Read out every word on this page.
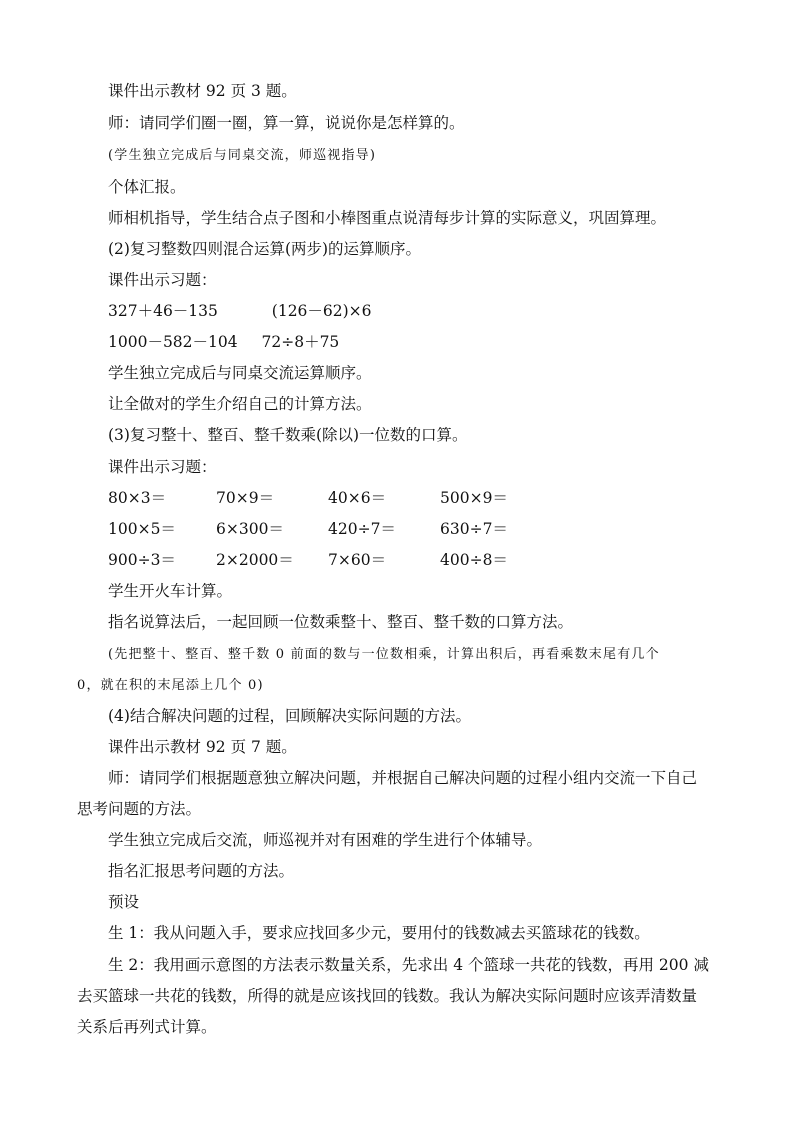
课件出示教材 92 页 3 题。
师：请同学们圈一圈，算一算，说说你是怎样算的。
(学生独立完成后与同桌交流，师巡视指导)
个体汇报。
师相机指导，学生结合点子图和小棒图重点说清每步计算的实际意义，巩固算理。
(2)复习整数四则混合运算(两步)的运算顺序。
课件出示习题：
327＋46－135	(126－62)×6
1000－582－104 72÷8＋75
学生独立完成后与同桌交流运算顺序。
让全做对的学生介绍自己的计算方法。
(3)复习整十、整百、整千数乘(除以)一位数的口算。
课件出示习题：
80×3＝	70×9＝	40×6＝	500×9＝
100×5＝	6×300＝	420÷7＝	630÷7＝
900÷3＝	2×2000＝ 7×60＝	400÷8＝
学生开火车计算。
指名说算法后，一起回顾一位数乘整十、整百、整千数的口算方法。
(先把整十、整百、整千数 0 前面的数与一位数相乘，计算出积后，再看乘数末尾有几个
0，就在积的末尾添上几个 0)
(4)结合解决问题的过程，回顾解决实际问题的方法。
课件出示教材 92 页 7 题。
师：请同学们根据题意独立解决问题，并根据自己解决问题的过程小组内交流一下自己
思考问题的方法。
学生独立完成后交流，师巡视并对有困难的学生进行个体辅导。
指名汇报思考问题的方法。
预设
生 1：我从问题入手，要求应找回多少元，要用付的钱数减去买篮球花的钱数。
生 2：我用画示意图的方法表示数量关系，先求出 4 个篮球一共花的钱数，再用 200 减
去买篮球一共花的钱数，所得的就是应该找回的钱数。我认为解决实际问题时应该弄清数量
关系后再列式计算。
